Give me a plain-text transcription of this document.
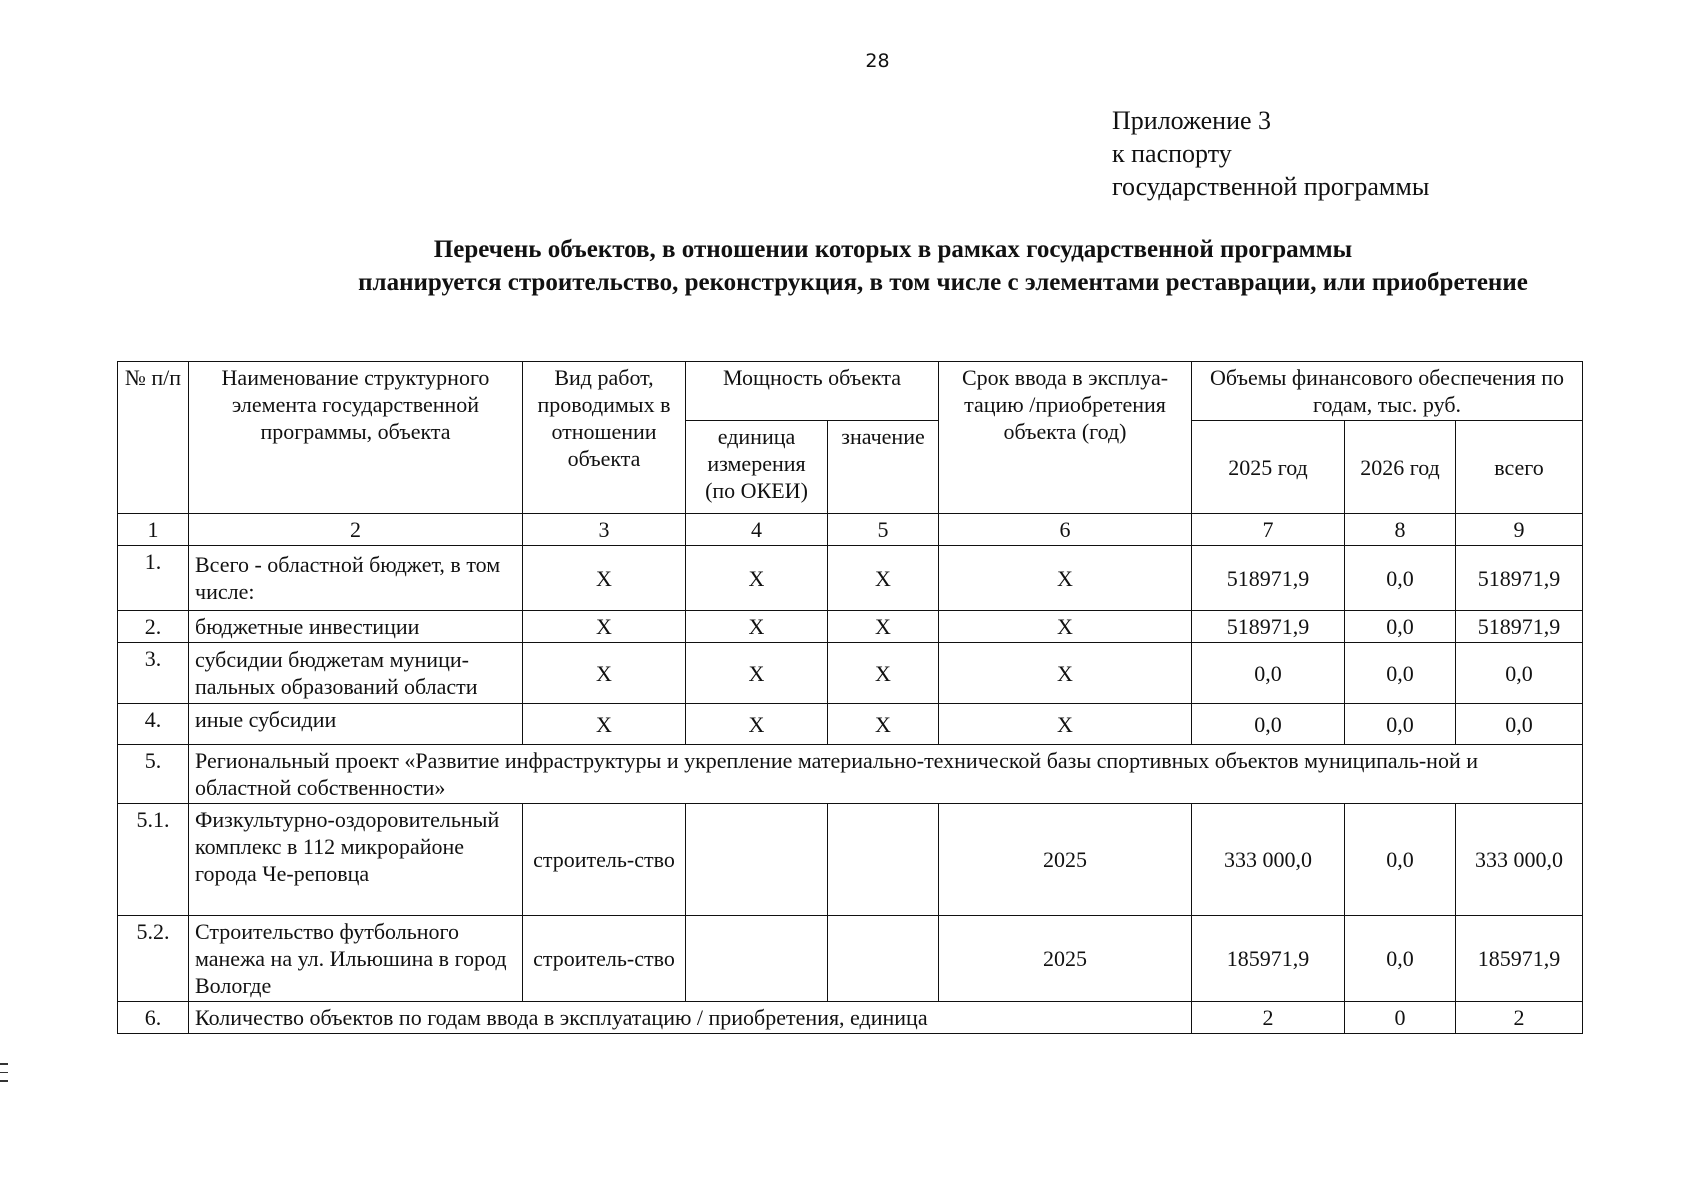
28
Приложение 3
к паспорту
государственной программы
Перечень объектов, в отношении которых в рамках государственной программы
планируется строительство, реконструкция, в том числе с элементами реставрации, или приобретение
№ п/п	Наименование структурного элемента государственной программы, объекта	Вид работ, проводимых в отношении объекта	Мощность объекта		Срок ввода в эксплуа-тацию /приобретения объекта (год)	Объемы финансового обеспечения по годам, тыс. руб.		
			единица измерения (по ОКЕИ)	значение		2025 год	2026 год	всего
1	2	3	4	5	6	7	8	9
1.	Всего - областной бюджет, в том числе:	X	X	X	X	518971,9	0,0	518971,9
2.	бюджетные инвестиции	X	X	X	X	518971,9	0,0	518971,9
3.	субсидии бюджетам муници-пальных образований области	X	X	X	X	0,0	0,0	0,0
4.	иные субсидии	X	X	X	X	0,0	0,0	0,0
5.	Региональный проект «Развитие инфраструктуры и укрепление материально-технической базы спортивных объектов муниципаль-ной и областной собственности»							
5.1.	Физкультурно-оздоровительный комплекс в 112 микрорайоне города Че-реповца	строитель-ство			2025	333 000,0	0,0	333 000,0
5.2.	Строительство футбольного манежа на ул. Ильюшина в город Вологде	строитель-ство			2025	185971,9	0,0	185971,9
6.	Количество объектов по годам ввода в эксплуатацию / приобретения, единица					2	0	2
